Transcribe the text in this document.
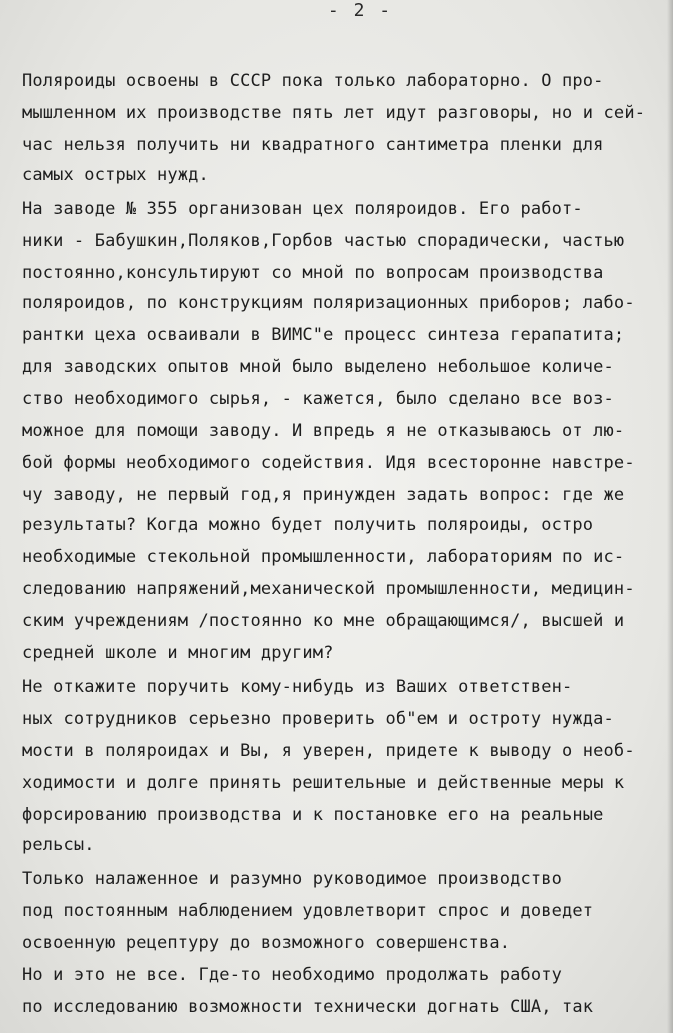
- 2 -
Поляроиды освоены в СССР пока только лабораторно. О про-
мышленном их производстве пять лет идут разговоры, но и сей-
час нельзя получить ни квадратного сантиметра пленки для
самых острых нужд.
На заводе № 355 организован цех поляроидов. Его работ-
ники - Бабушкин,Поляков,Горбов частью спорадически, частью
постоянно,консультируют со мной по вопросам производства
поляроидов, по конструкциям поляризационных приборов; лабо-
рантки цеха осваивали в ВИМС"е процесс синтеза герапатита;
для заводских опытов мной было выделено небольшое количе-
ство необходимого сырья, - кажется, было сделано все воз-
можное для помощи заводу. И впредь я не отказываюсь от лю-
бой формы необходимого содействия. Идя всесторонне навстре-
чу заводу, не первый год,я принужден задать вопрос: где же
результаты? Когда можно будет получить поляроиды, остро
необходимые стекольной промышленности, лабораториям по ис-
следованию напряжений,механической промышленности, медицин-
ским учреждениям /постоянно ко мне обращающимся/, высшей и
средней школе и многим другим?
Не откажите поручить кому-нибудь из Ваших ответствен-
ных сотрудников серьезно проверить об"ем и остроту нужда-
мости в поляроидах и Вы, я уверен, придете к выводу о необ-
ходимости и долге принять решительные и действенные меры к
форсированию производства и к постановке его на реальные
рельсы.
Только налаженное и разумно руководимое производство
под постоянным наблюдением удовлетворит спрос и доведет
освоенную рецептуру до возможного совершенства.
Но и это не все. Где-то необходимо продолжать работу
по исследованию возможности технически догнать США, так
